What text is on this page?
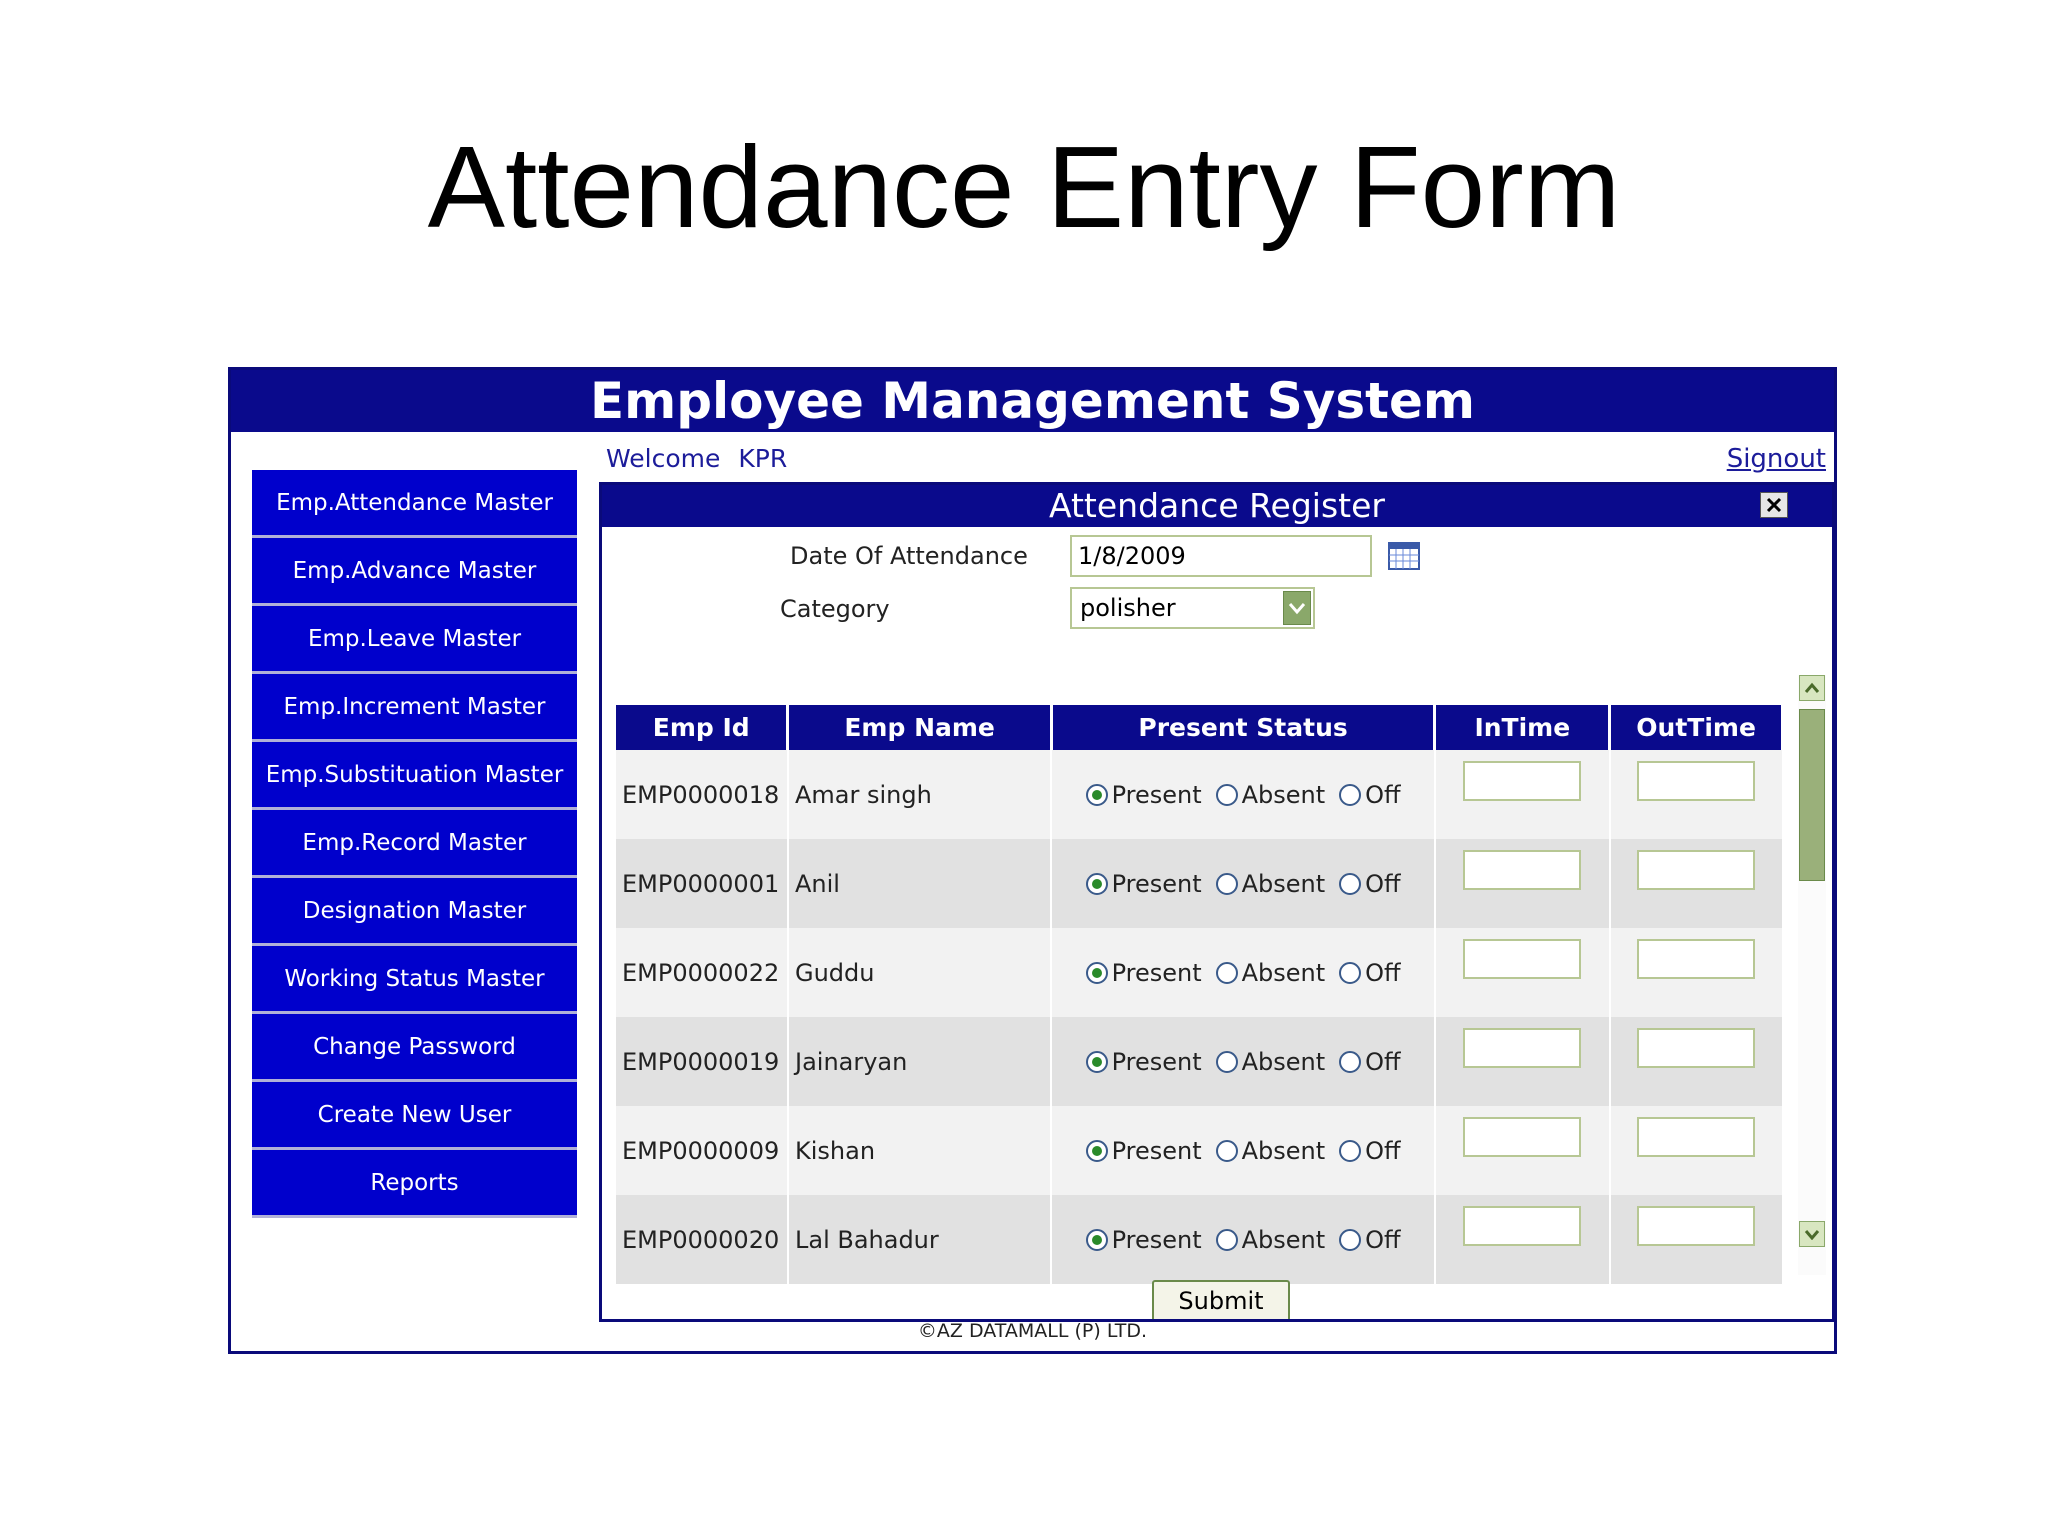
Attendance Entry Form
Employee Management System
Welcome KPR	Signout
Emp.Attendance Master
Emp.Advance Master
Emp.Leave Master
Emp.Increment Master
Emp.Substituation Master
Emp.Record Master
Designation Master
Working Status Master
Change Password
Create New User
Reports
Attendance Register
Date Of Attendance	1/8/2009
Category	polisher
Emp Id	Emp Name	Present Status	InTime	OutTime
EMP0000018	Amar singh	Present Absent Off		

EMP0000001	Anil	Present Absent Off		

EMP0000022	Guddu	Present Absent Off		

EMP0000019	Jainaryan	Present Absent Off		

EMP0000009	Kishan	Present Absent Off		

EMP0000020	Lal Bahadur	Present Absent Off		

Submit
©AZ DATAMALL (P) LTD.
